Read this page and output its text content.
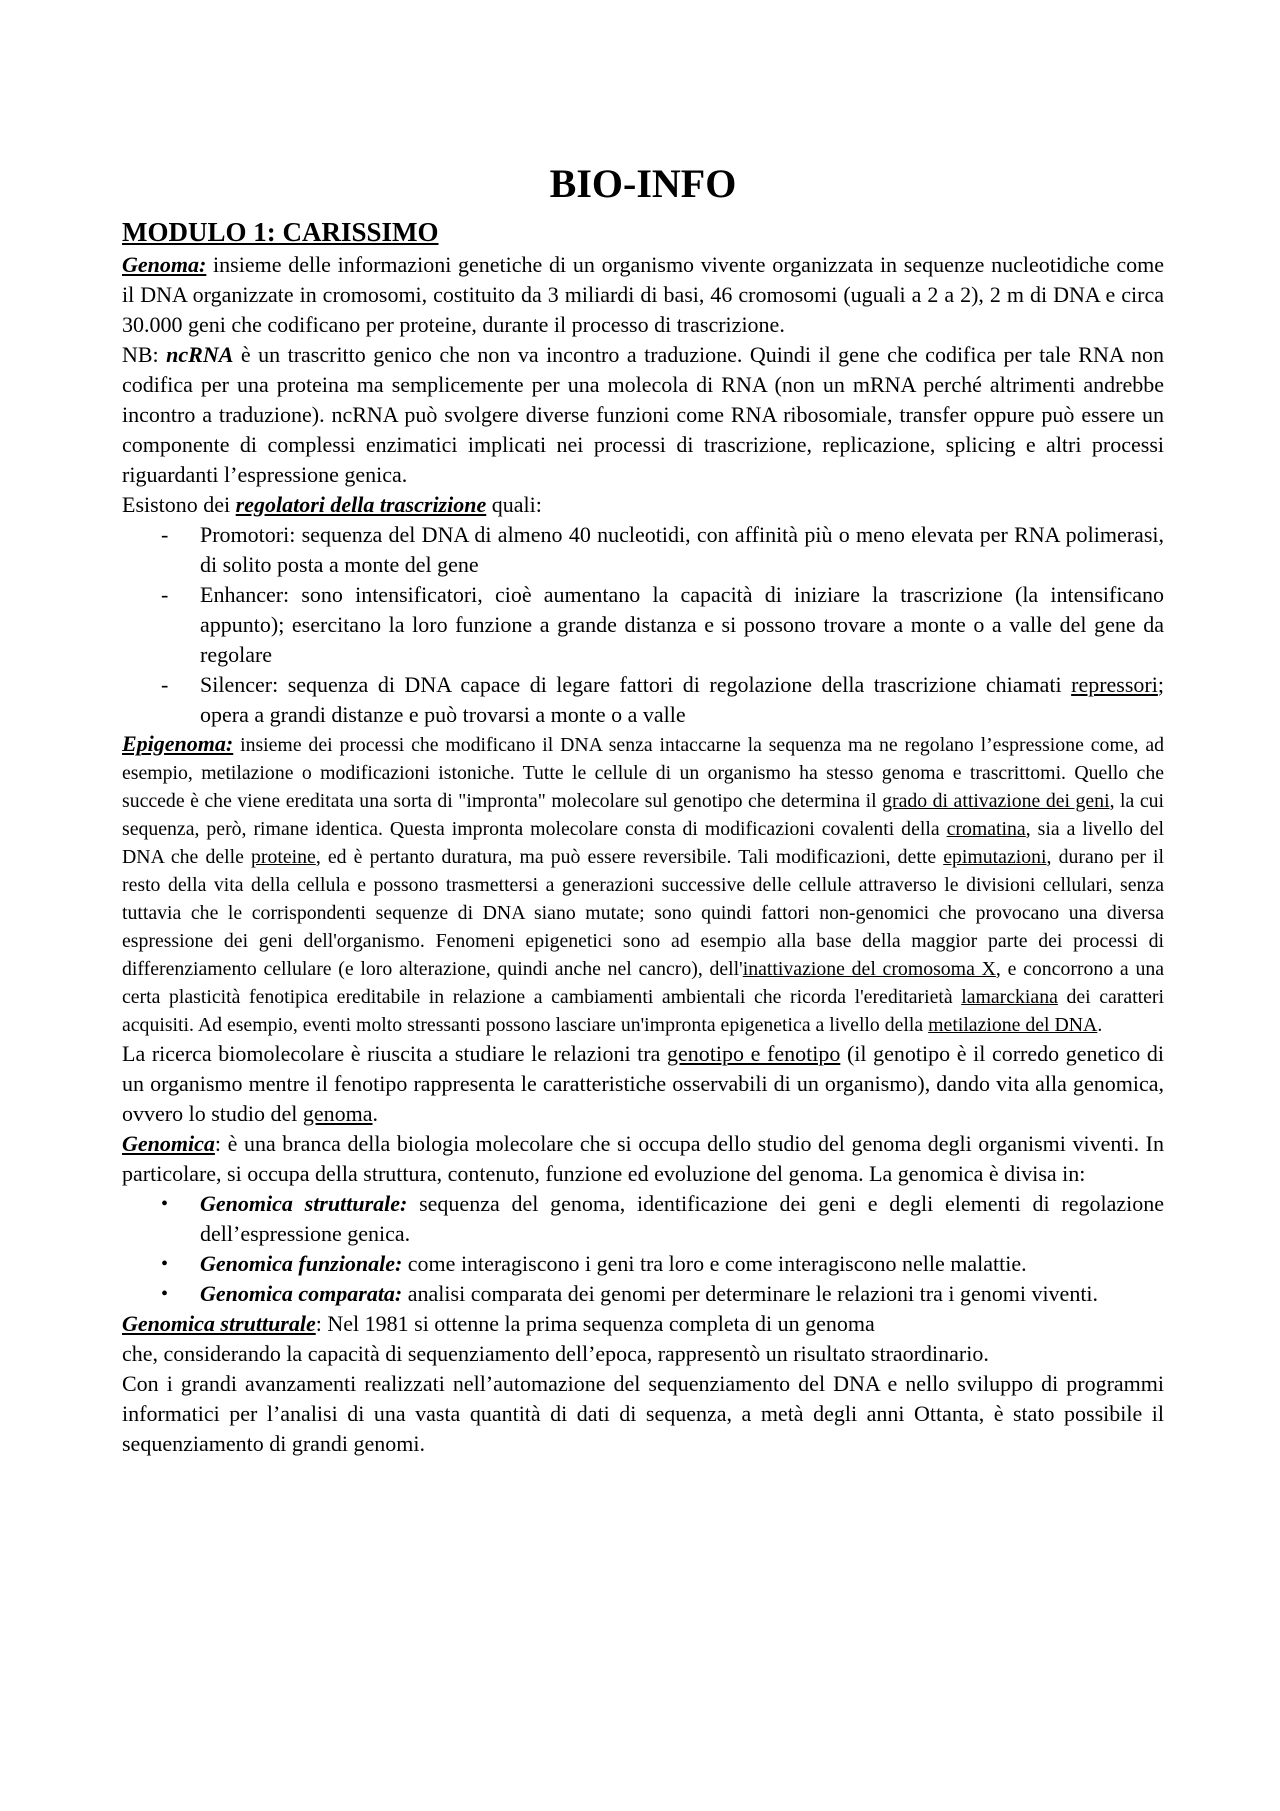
BIO-INFO
MODULO 1: CARISSIMO

Genoma: insieme delle informazioni genetiche di un organismo vivente organizzata in sequenze nucleotidiche come il DNA organizzate in cromosomi, costituito da 3 miliardi di basi, 46 cromosomi (uguali a 2 a 2), 2 m di DNA e circa 30.000 geni che codificano per proteine, durante il processo di trascrizione.

NB: ncRNA è un trascritto genico che non va incontro a traduzione. Quindi il gene che codifica per tale RNA non codifica per una proteina ma semplicemente per una molecola di RNA (non un mRNA perché altrimenti andrebbe incontro a traduzione). ncRNA può svolgere diverse funzioni come RNA ribosomiale, transfer oppure può essere un componente di complessi enzimatici implicati nei processi di trascrizione, replicazione, splicing e altri processi riguardanti l’espressione genica.

Esistono dei regolatori della trascrizione quali:

- Promotori: sequenza del DNA di almeno 40 nucleotidi, con affinità più o meno elevata per RNA polimerasi, di solito posta a monte del gene
- Enhancer: sono intensificatori, cioè aumentano la capacità di iniziare la trascrizione (la intensificano appunto); esercitano la loro funzione a grande distanza e si possono trovare a monte o a valle del gene da regolare
- Silencer: sequenza di DNA capace di legare fattori di regolazione della trascrizione chiamati repressori; opera a grandi distanze e può trovarsi a monte o a valle

Epigenoma: insieme dei processi che modificano il DNA senza intaccarne la sequenza ma ne regolano l’espressione come, ad esempio, metilazione o modificazioni istoniche. Tutte le cellule di un organismo ha stesso genoma e trascrittomi. Quello che succede è che viene ereditata una sorta di "impronta" molecolare sul genotipo che determina il grado di attivazione dei geni, la cui sequenza, però, rimane identica. Questa impronta molecolare consta di modificazioni covalenti della cromatina, sia a livello del DNA che delle proteine, ed è pertanto duratura, ma può essere reversibile. Tali modificazioni, dette epimutazioni, durano per il resto della vita della cellula e possono trasmettersi a generazioni successive delle cellule attraverso le divisioni cellulari, senza tuttavia che le corrispondenti sequenze di DNA siano mutate; sono quindi fattori non-genomici che provocano una diversa espressione dei geni dell'organismo. Fenomeni epigenetici sono ad esempio alla base della maggior parte dei processi di differenziamento cellulare (e loro alterazione, quindi anche nel cancro), dell'inattivazione del cromosoma X, e concorrono a una certa plasticità fenotipica ereditabile in relazione a cambiamenti ambientali che ricorda l'ereditarietà lamarckiana dei caratteri acquisiti. Ad esempio, eventi molto stressanti possono lasciare un'impronta epigenetica a livello della metilazione del DNA.

La ricerca biomolecolare è riuscita a studiare le relazioni tra genotipo e fenotipo (il genotipo è il corredo genetico di un organismo mentre il fenotipo rappresenta le caratteristiche osservabili di un organismo), dando vita alla genomica, ovvero lo studio del genoma.

Genomica: è una branca della biologia molecolare che si occupa dello studio del genoma degli organismi viventi. In particolare, si occupa della struttura, contenuto, funzione ed evoluzione del genoma. La genomica è divisa in:

• Genomica strutturale: sequenza del genoma, identificazione dei geni e degli elementi di regolazione dell’espressione genica.
• Genomica funzionale: come interagiscono i geni tra loro e come interagiscono nelle malattie.
• Genomica comparata: analisi comparata dei genomi per determinare le relazioni tra i genomi viventi.

Genomica strutturale: Nel 1981 si ottenne la prima sequenza completa di un genoma

che, considerando la capacità di sequenziamento dell’epoca, rappresentò un risultato straordinario.

Con i grandi avanzamenti realizzati nell’automazione del sequenziamento del DNA e nello sviluppo di programmi informatici per l’analisi di una vasta quantità di dati di sequenza, a metà degli anni Ottanta, è stato possibile il sequenziamento di grandi genomi.
